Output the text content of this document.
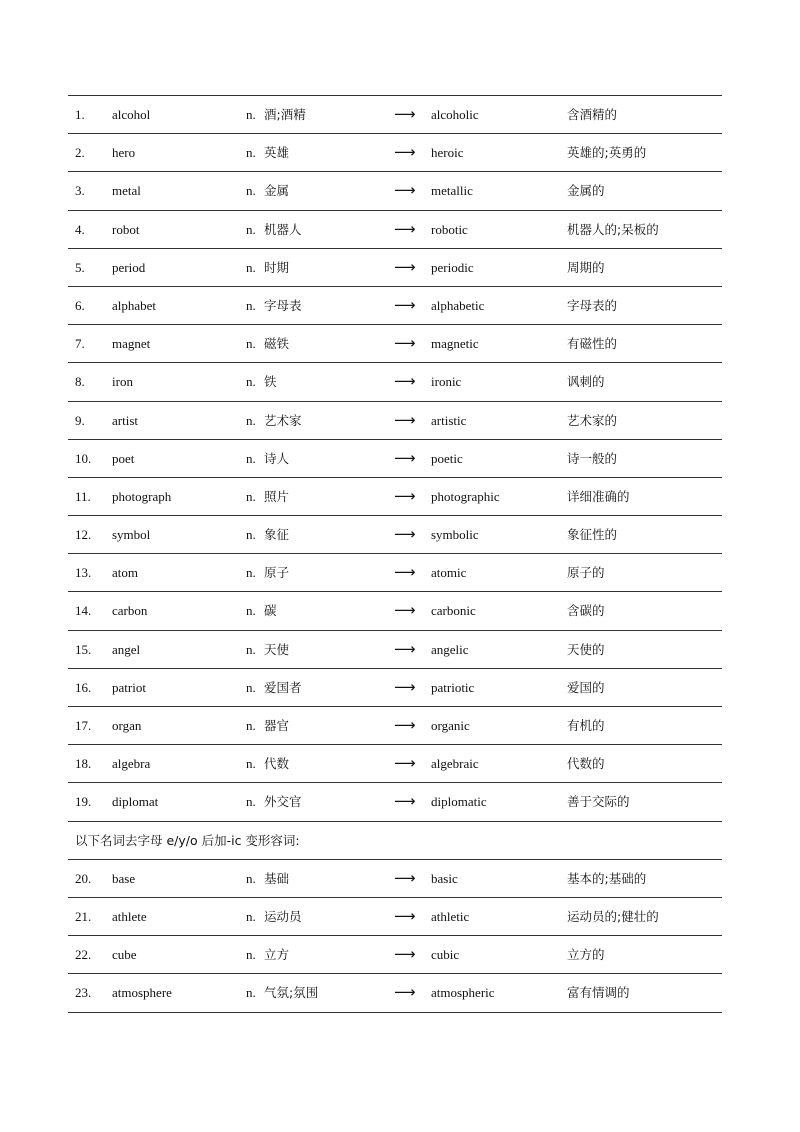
1. alcohol	n. 酒;酒精	⟶ alcoholic	含酒精的
2. hero	n. 英雄	⟶ heroic	英雄的;英勇的
3. metal	n. 金属	⟶ metallic	金属的
4. robot	n. 机器人	⟶ robotic	机器人的;呆板的
5. period	n. 时期	⟶ periodic	周期的
6. alphabet	n. 字母表	⟶ alphabetic	字母表的
7. magnet	n. 磁铁	⟶ magnetic	有磁性的
8. iron	n. 铁	⟶ ironic	讽刺的
9. artist	n. 艺术家	⟶ artistic	艺术家的
10. poet	n. 诗人	⟶ poetic	诗一般的
11. photograph	n. 照片	⟶ photographic	详细准确的
12. symbol	n. 象征	⟶ symbolic	象征性的
13. atom	n. 原子	⟶ atomic	原子的
14. carbon	n. 碳	⟶ carbonic	含碳的
15. angel	n. 天使	⟶ angelic	天使的
16. patriot	n. 爱国者	⟶ patriotic	爱国的
17. organ	n. 器官	⟶ organic	有机的
18. algebra	n. 代数	⟶ algebraic	代数的
19. diplomat	n. 外交官	⟶ diplomatic	善于交际的
以下名词去字母 e/y/o 后加-ic 变形容词:
20. base	n. 基础	⟶ basic	基本的;基础的
21. athlete	n. 运动员	⟶ athletic	运动员的;健壮的
22. cube	n. 立方	⟶ cubic	立方的
23. atmosphere	n. 气氛;氛围	⟶ atmospheric	富有情调的
